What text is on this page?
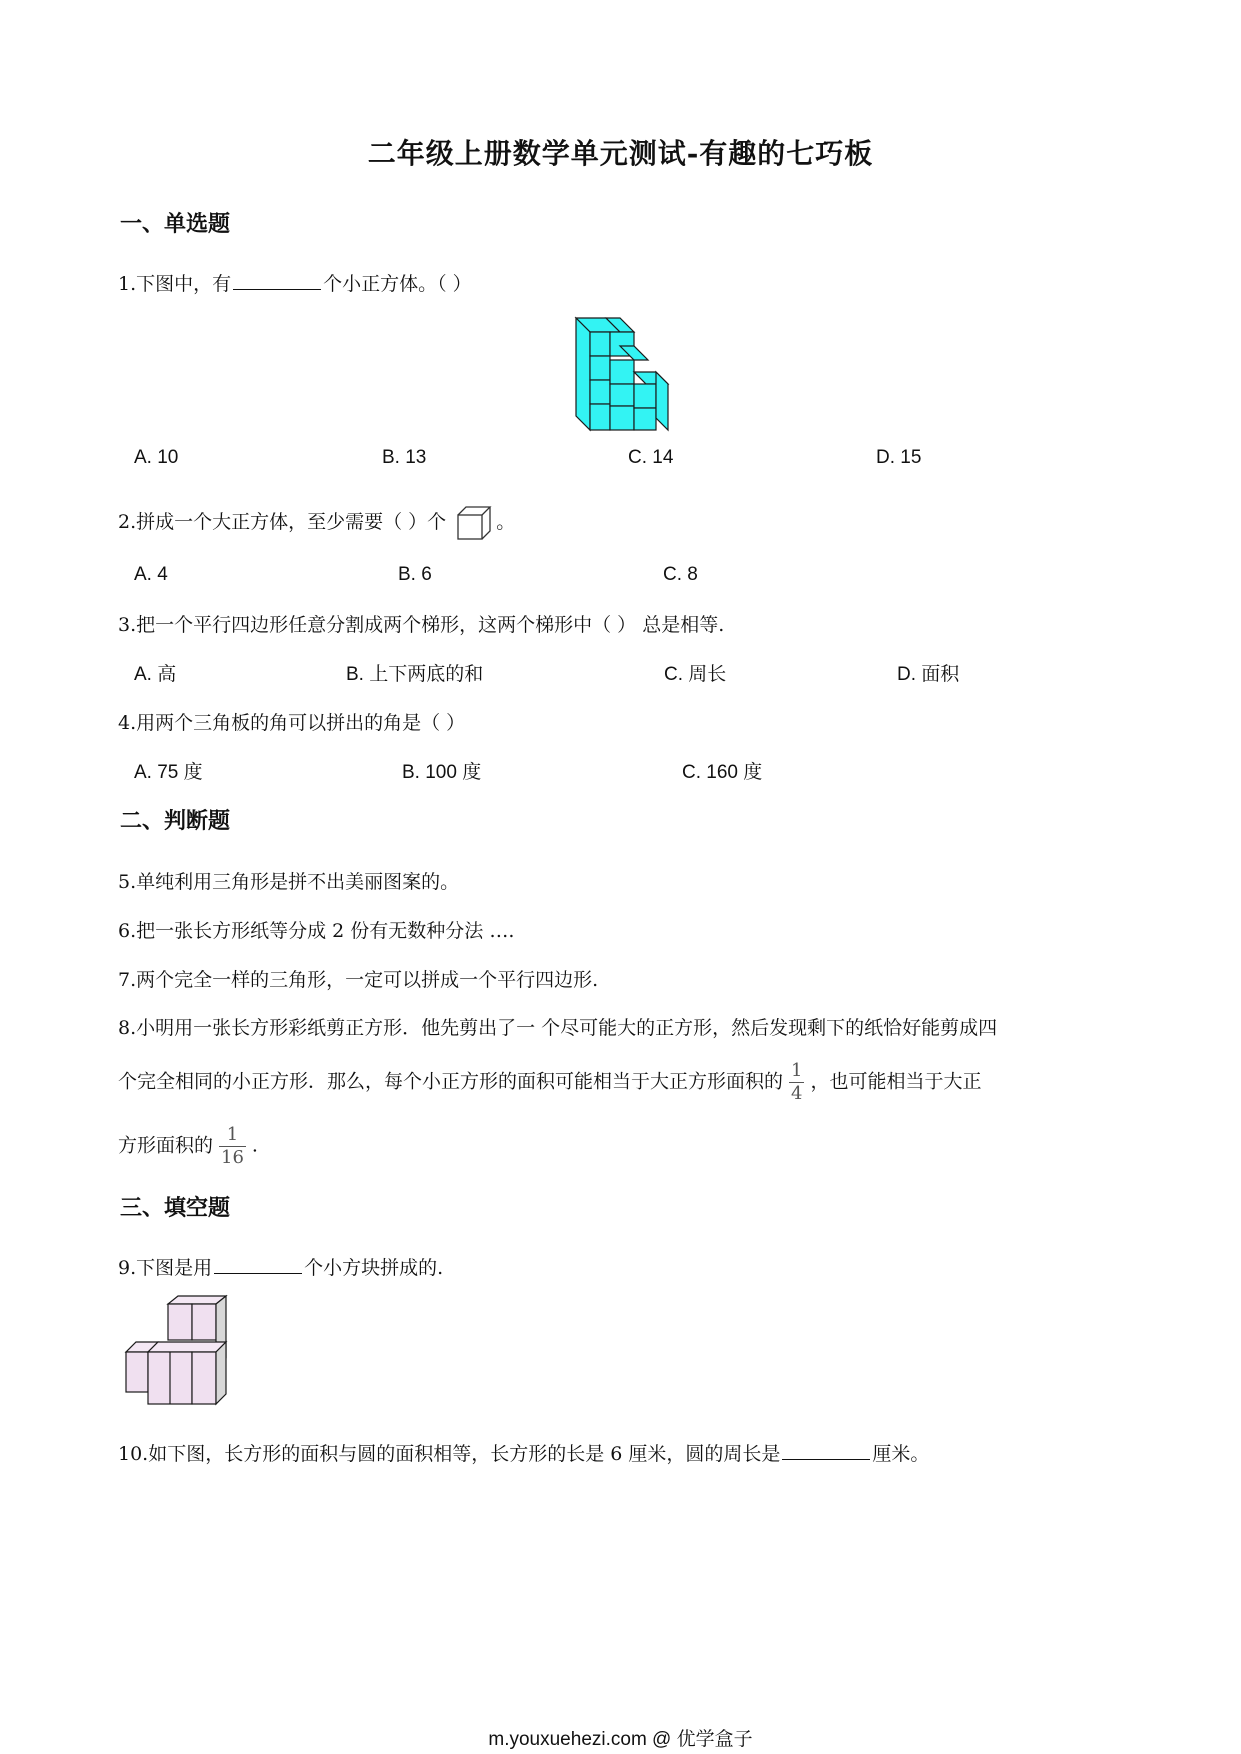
二年级上册数学单元测试-有趣的七巧板
一、单选题
1.下图中，有	个小正方体。（ ）
A. 10	B. 13	C. 14	D. 15
2.拼成一个大正方体，至少需要（ ）个	。
A. 4	B. 6	C. 8
3.把一个平行四边形任意分割成两个梯形，这两个梯形中（ ） 总是相等.
A. 高	B. 上下两底的和	C. 周长	D. 面积
4.用两个三角板的角可以拼出的角是（ ）
A. 75 度	B. 100 度	C. 160 度
二、判断题
5.单纯利用三角形是拼不出美丽图案的。
6.把一张长方形纸等分成 2 份有无数种分法 ….
7.两个完全一样的三角形，一定可以拼成一个平行四边形.
8.小明用一张长方形彩纸剪正方形．他先剪出了一 个尽可能大的正方形，然后发现剩下的纸恰好能剪成四
个完全相同的小正方形．那么，每个小正方形的面积可能相当于大正方形面积的 $\frac{1}{4}$ ，也可能相当于大正
方形面积的 $\frac{1}{16}$ .
三、填空题
9.下图是用	个小方块拼成的.
10.如下图，长方形的面积与圆的面积相等，长方形的长是 6 厘米，圆的周长是	厘米。
m.youxuehezi.com @ 优学盒子
